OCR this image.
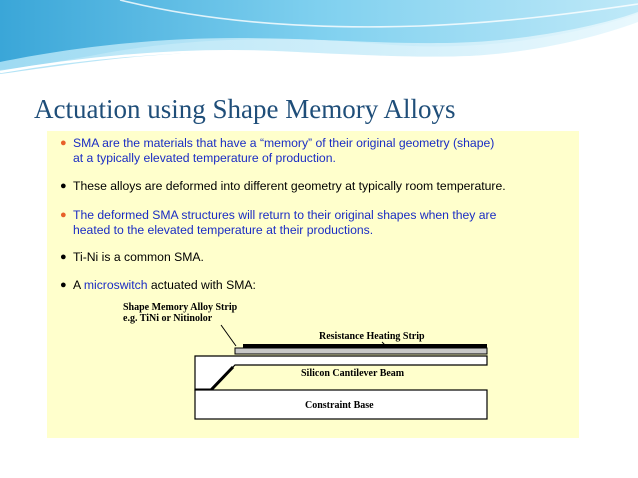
Actuation using Shape Memory Alloys
● SMA are the materials that have a “memory” of their original geometry (shape)
at a typically elevated temperature of production.
● These alloys are deformed into different geometry at typically room temperature.
● The deformed SMA structures will return to their original shapes when they are
heated to the elevated temperature at their productions.
● Ti-Ni is a common SMA.
● A microswitch actuated with SMA:
Shape Memory Alloy Strip
e.g. TiNi or Nitinolor
Resistance Heating Strip
Silicon Cantilever Beam
Constraint Base
